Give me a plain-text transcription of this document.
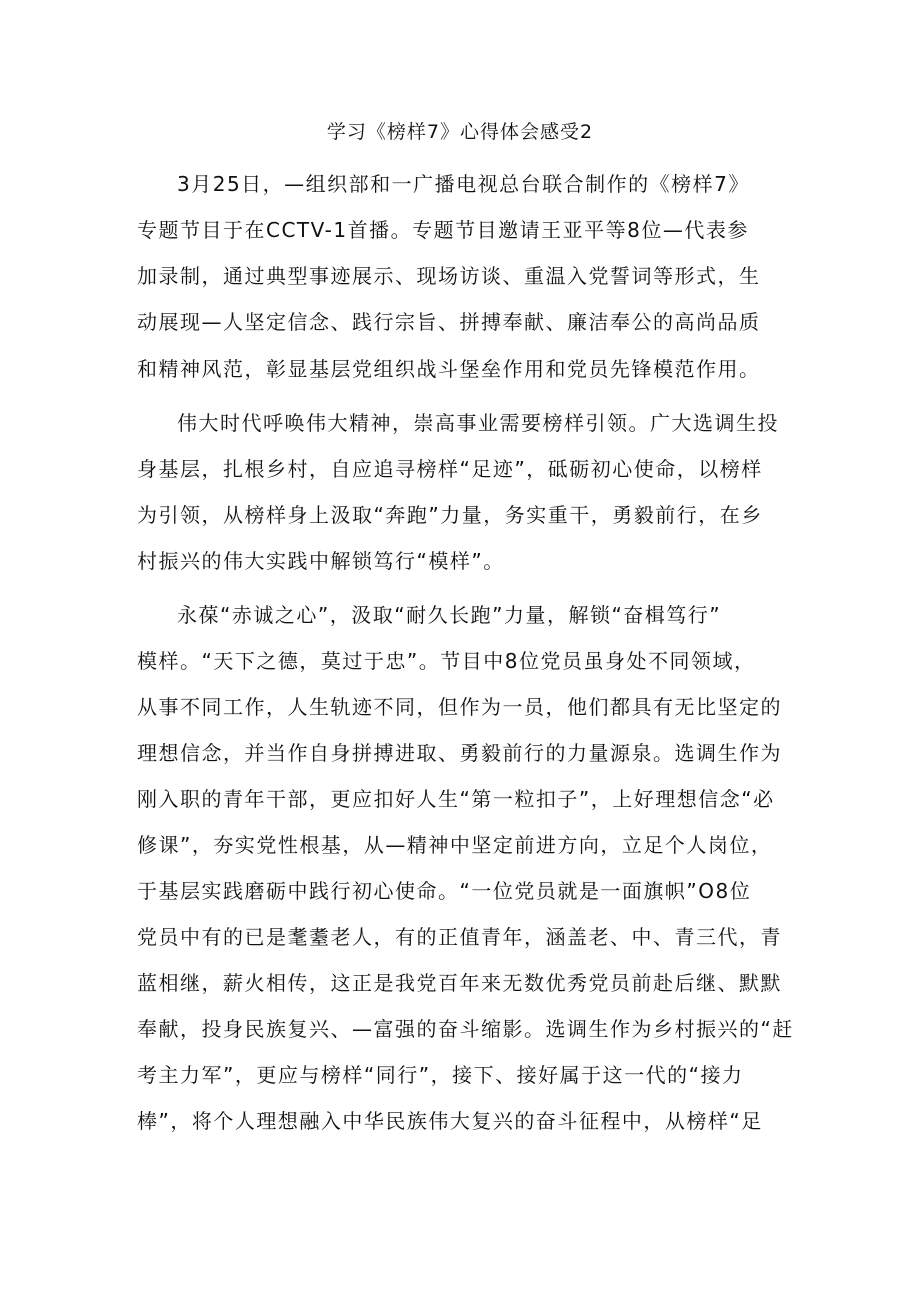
学习《榜样7》心得体会感受2
3月25日，—组织部和一广播电视总台联合制作的《榜样7》
专题节目于在CCTV-1首播。专题节目邀请王亚平等8位—代表参
加录制，通过典型事迹展示、现场访谈、重温入党誓词等形式，生
动展现—人坚定信念、践行宗旨、拼搏奉献、廉洁奉公的高尚品质
和精神风范，彰显基层党组织战斗堡垒作用和党员先锋模范作用。
伟大时代呼唤伟大精神，崇高事业需要榜样引领。广大选调生投
身基层，扎根乡村，自应追寻榜样“足迹”，砥砺初心使命，以榜样
为引领，从榜样身上汲取“奔跑”力量，务实重干，勇毅前行，在乡
村振兴的伟大实践中解锁笃行“模样”。
永葆“赤诚之心”，汲取“耐久长跑”力量，解锁“奋楫笃行”
模样。“天下之德，莫过于忠”。节目中8位党员虽身处不同领域，
从事不同工作，人生轨迹不同，但作为一员，他们都具有无比坚定的
理想信念，并当作自身拼搏进取、勇毅前行的力量源泉。选调生作为
刚入职的青年干部，更应扣好人生“第一粒扣子”，上好理想信念“必
修课”，夯实党性根基，从—精神中坚定前进方向，立足个人岗位，
于基层实践磨砺中践行初心使命。“一位党员就是一面旗帜”O8位
党员中有的已是耄耋老人，有的正值青年，涵盖老、中、青三代，青
蓝相继，薪火相传，这正是我党百年来无数优秀党员前赴后继、默默
奉献，投身民族复兴、—富强的奋斗缩影。选调生作为乡村振兴的“赶
考主力军”，更应与榜样“同行”，接下、接好属于这一代的“接力
棒”，将个人理想融入中华民族伟大复兴的奋斗征程中，从榜样“足
